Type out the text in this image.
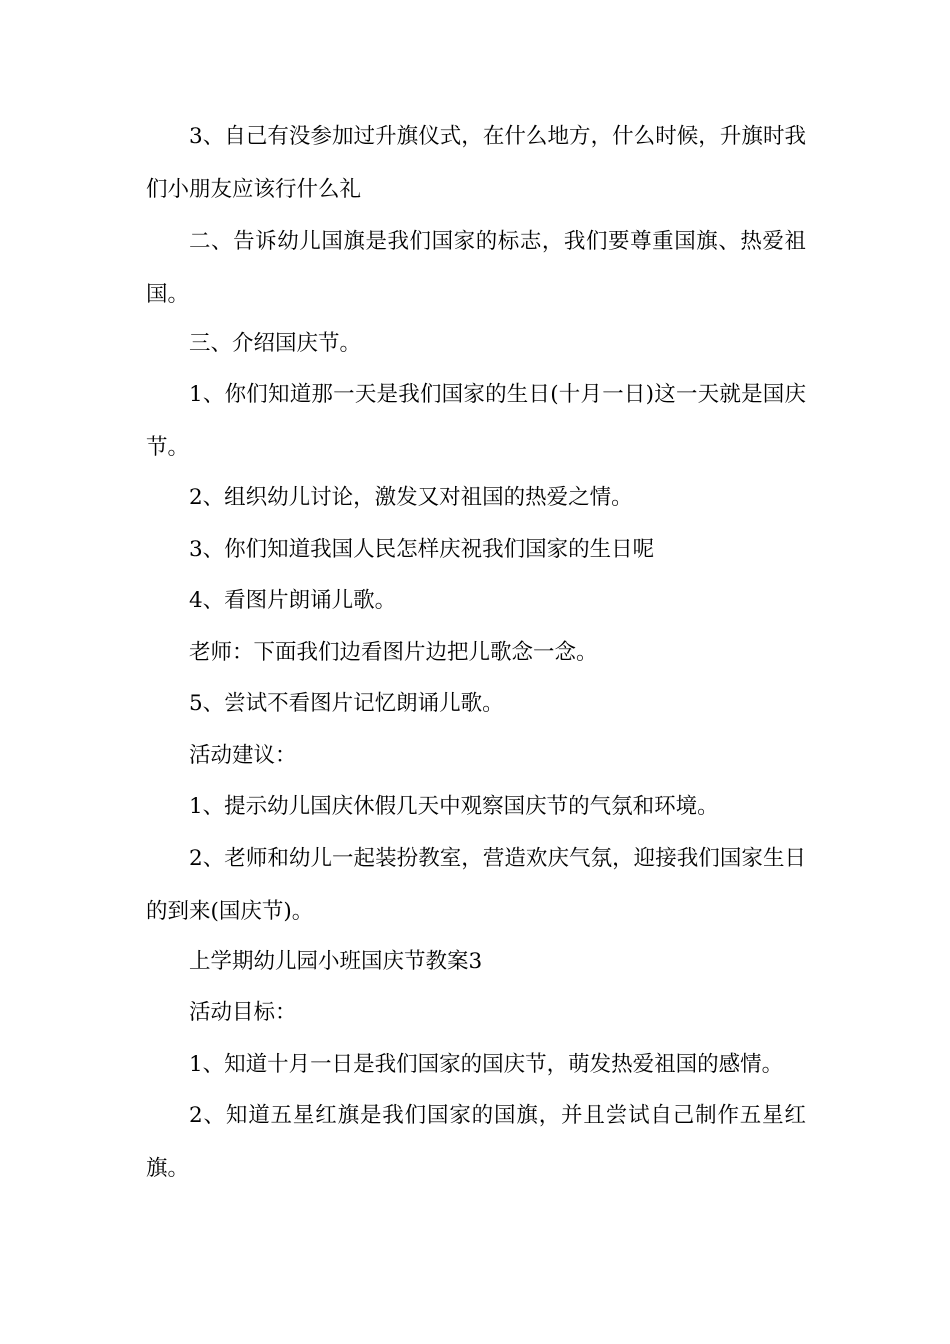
3、自己有没参加过升旗仪式，在什么地方，什么时候，升旗时我们小朋友应该行什么礼

二、告诉幼儿国旗是我们国家的标志，我们要尊重国旗、热爱祖国。

三、介绍国庆节。

1、你们知道那一天是我们国家的生日(十月一日)这一天就是国庆节。

2、组织幼儿讨论，激发又对祖国的热爱之情。

3、你们知道我国人民怎样庆祝我们国家的生日呢

4、看图片朗诵儿歌。

老师：下面我们边看图片边把儿歌念一念。

5、尝试不看图片记忆朗诵儿歌。

活动建议：

1、提示幼儿国庆休假几天中观察国庆节的气氛和环境。

2、老师和幼儿一起装扮教室，营造欢庆气氛，迎接我们国家生日的到来(国庆节)。

上学期幼儿园小班国庆节教案3

活动目标：

1、知道十月一日是我们国家的国庆节，萌发热爱祖国的感情。

2、知道五星红旗是我们国家的国旗，并且尝试自己制作五星红旗。
